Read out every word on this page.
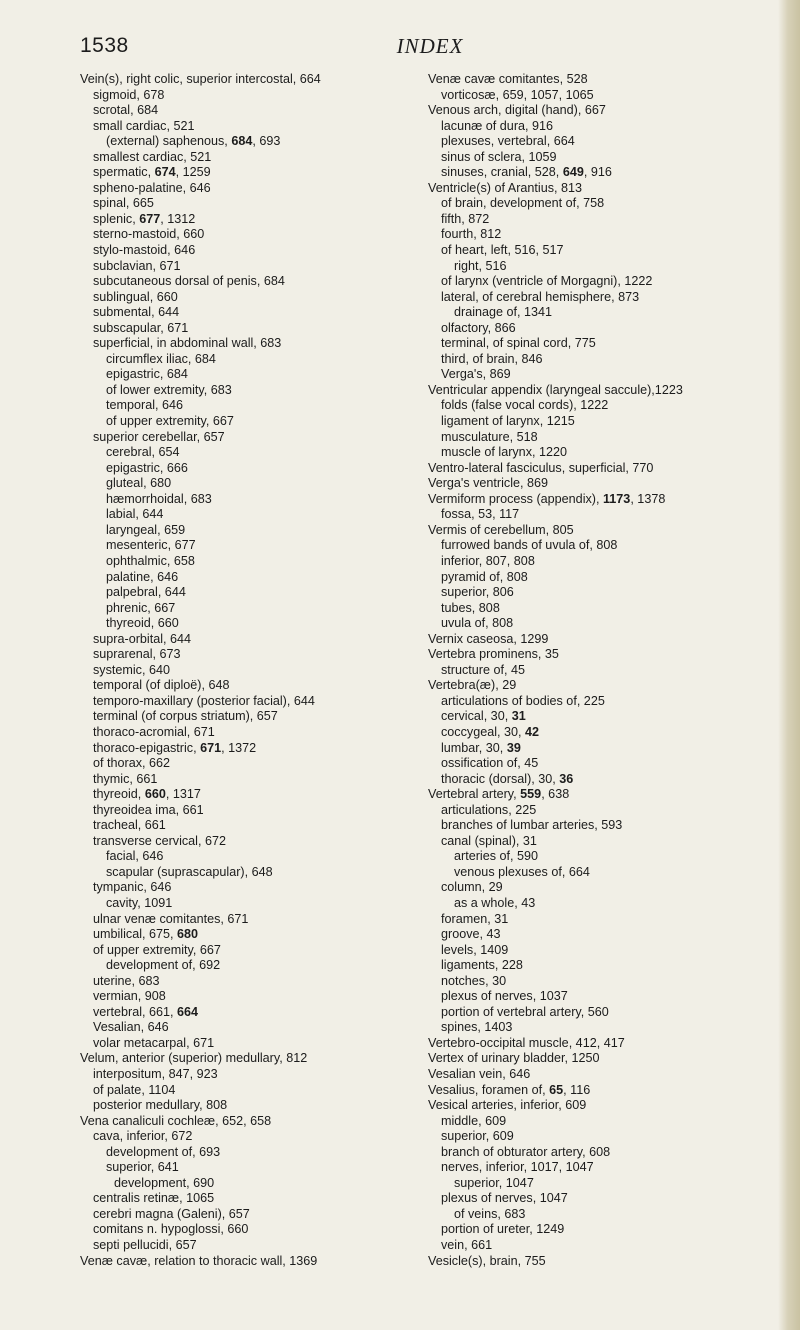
1538	INDEX
Vein(s), right colic, superior intercostal, 664
sigmoid, 678
scrotal, 684
small cardiac, 521
(external) saphenous, 684, 693
smallest cardiac, 521
spermatic, 674, 1259
spheno-palatine, 646
spinal, 665
splenic, 677, 1312
sterno-mastoid, 660
stylo-mastoid, 646
subclavian, 671
subcutaneous dorsal of penis, 684
sublingual, 660
submental, 644
subscapular, 671
superficial, in abdominal wall, 683
circumflex iliac, 684
epigastric, 684
of lower extremity, 683
temporal, 646
of upper extremity, 667
superior cerebellar, 657
cerebral, 654
epigastric, 666
gluteal, 680
hæmorrhoidal, 683
labial, 644
laryngeal, 659
mesenteric, 677
ophthalmic, 658
palatine, 646
palpebral, 644
phrenic, 667
thyreoid, 660
supra-orbital, 644
suprarenal, 673
systemic, 640
temporal (of diploë), 648
temporo-maxillary (posterior facial), 644
terminal (of corpus striatum), 657
thoraco-acromial, 671
thoraco-epigastric, 671, 1372
of thorax, 662
thymic, 661
thyreoid, 660, 1317
thyreoidea ima, 661
tracheal, 661
transverse cervical, 672
facial, 646
scapular (suprascapular), 648
tympanic, 646
cavity, 1091
ulnar venæ comitantes, 671
umbilical, 675, 680
of upper extremity, 667
development of, 692
uterine, 683
vermian, 908
vertebral, 661, 664
Vesalian, 646
volar metacarpal, 671
Velum, anterior (superior) medullary, 812
interpositum, 847, 923
of palate, 1104
posterior medullary, 808
Vena canaliculi cochleæ, 652, 658
cava, inferior, 672
development of, 693
superior, 641
development, 690
centralis retinæ, 1065
cerebri magna (Galeni), 657
comitans n. hypoglossi, 660
septi pellucidi, 657
Venæ cavæ, relation to thoracic wall, 1369
Venæ cavæ comitantes, 528
vorticosæ, 659, 1057, 1065
Venous arch, digital (hand), 667
lacunæ of dura, 916
plexuses, vertebral, 664
sinus of sclera, 1059
sinuses, cranial, 528, 649, 916
Ventricle(s) of Arantius, 813
of brain, development of, 758
fifth, 872
fourth, 812
of heart, left, 516, 517
right, 516
of larynx (ventricle of Morgagni), 1222
lateral, of cerebral hemisphere, 873
drainage of, 1341
olfactory, 866
terminal, of spinal cord, 775
third, of brain, 846
Verga's, 869
Ventricular appendix (laryngeal saccule),1223
folds (false vocal cords), 1222
ligament of larynx, 1215
musculature, 518
muscle of larynx, 1220
Ventro-lateral fasciculus, superficial, 770
Verga's ventricle, 869
Vermiform process (appendix), 1173, 1378
fossa, 53, 117
Vermis of cerebellum, 805
furrowed bands of uvula of, 808
inferior, 807, 808
pyramid of, 808
superior, 806
tubes, 808
uvula of, 808
Vernix caseosa, 1299
Vertebra prominens, 35
structure of, 45
Vertebra(æ), 29
articulations of bodies of, 225
cervical, 30, 31
coccygeal, 30, 42
lumbar, 30, 39
ossification of, 45
thoracic (dorsal), 30, 36
Vertebral artery, 559, 638
articulations, 225
branches of lumbar arteries, 593
canal (spinal), 31
arteries of, 590
venous plexuses of, 664
column, 29
as a whole, 43
foramen, 31
groove, 43
levels, 1409
ligaments, 228
notches, 30
plexus of nerves, 1037
portion of vertebral artery, 560
spines, 1403
Vertebro-occipital muscle, 412, 417
Vertex of urinary bladder, 1250
Vesalian vein, 646
Vesalius, foramen of, 65, 116
Vesical arteries, inferior, 609
middle, 609
superior, 609
branch of obturator artery, 608
nerves, inferior, 1017, 1047
superior, 1047
plexus of nerves, 1047
of veins, 683
portion of ureter, 1249
vein, 661
Vesicle(s), brain, 755
